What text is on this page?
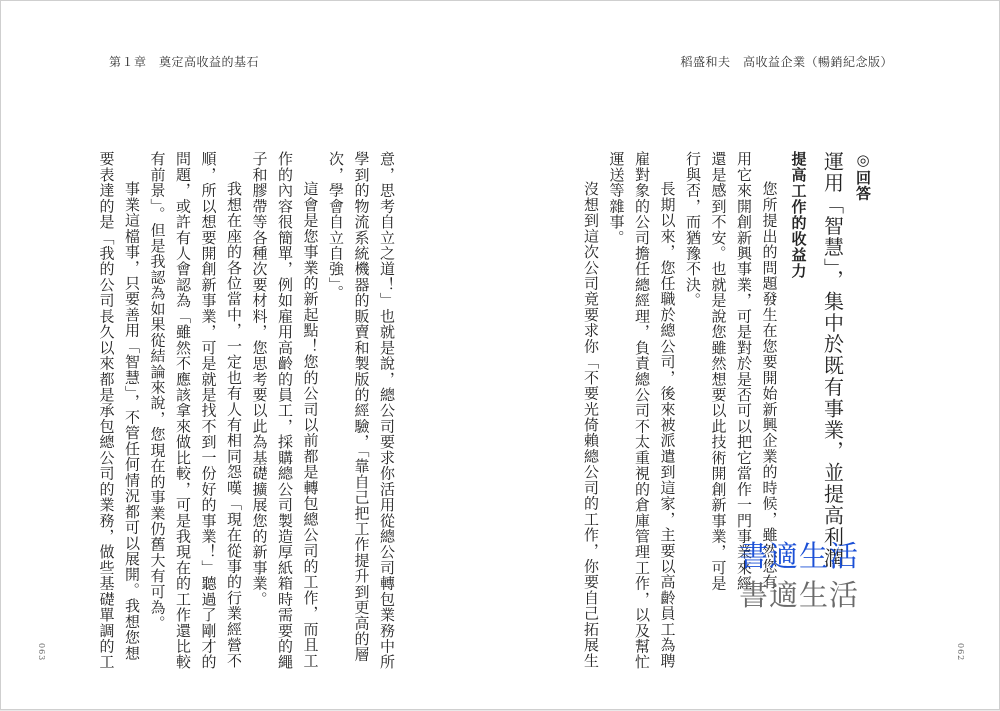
第１章　奠定高收益的基石
意，思考自立之道！」也就是說，總公司要求你活用從總公司轉包業務中所
學到的物流系統機器的販賣和製版的經驗，「靠自己把工作提升到更高的層
次，學會自立自強」。
這會是您事業的新起點！您的公司以前都是轉包總公司的工作，而且工
作的內容很簡單，例如雇用高齡的員工，採購總公司製造厚紙箱時需要的繩
子和膠帶等各種次要材料，您思考要以此為基礎擴展您的新事業。
我想在座的各位當中，一定也有人有相同怨嘆「現在從事的行業經營不
順，所以想要開創新事業，可是就是找不到一份好的事業！」聽過了剛才的
問題，或許有人會認為「雖然不應該拿來做比較，可是我現在的工作還比較
有前景」。但是我認為如果從結論來說，您現在的事業仍舊大有可為。
事業這檔事，只要善用「智慧」，不管任何情況都可以展開。我想您想
要表達的是「我的公司長久以來都是承包總公司的業務，做些基礎單調的工
063
稻盛和夫　高收益企業（暢銷紀念版）
◎回答
運用「智慧」，集中於既有事業，並提高利潤
提高工作的收益力
您所提出的問題發生在您要開始新興企業的時候，雖然您有
用它來開創新興事業，可是對於是否可以把它當作一門事業來經
還是感到不安。也就是說您雖然想要以此技術開創新事業，可是
行與否，而猶豫不決。
長期以來，您任職於總公司，後來被派遣到這家，主要以高齡員工為聘
雇對象的公司擔任總經理，負責總公司不太重視的倉庫管理工作，以及幫忙
運送等雜事。
沒想到這次公司竟要求你「不要光倚賴總公司的工作，你要自己拓展生	062
書適生活
書適生活
